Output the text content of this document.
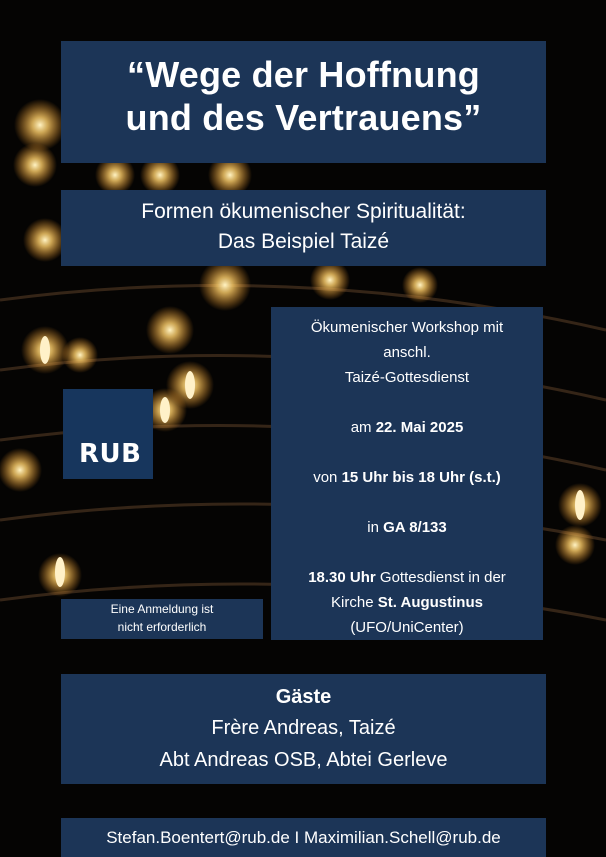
“Wege der Hoffnung
und des Vertrauens”
Formen ökumenischer Spiritualität:
Das Beispiel Taizé
RUB

Ökumenischer Workshop mit

anschl.

Taizé-Gottesdienst

am 22. Mai 2025

von 15 Uhr bis 18 Uhr (s.t.)

in GA 8/133

18.30 Uhr Gottesdienst in der

Kirche St. Augustinus

(UFO/UniCenter)

Eine Anmeldung ist
nicht erforderlich
Gäste
Frère Andreas, Taizé
Abt Andreas OSB, Abtei Gerleve
Stefan.Boentert@rub.de I Maximilian.Schell@rub.de
